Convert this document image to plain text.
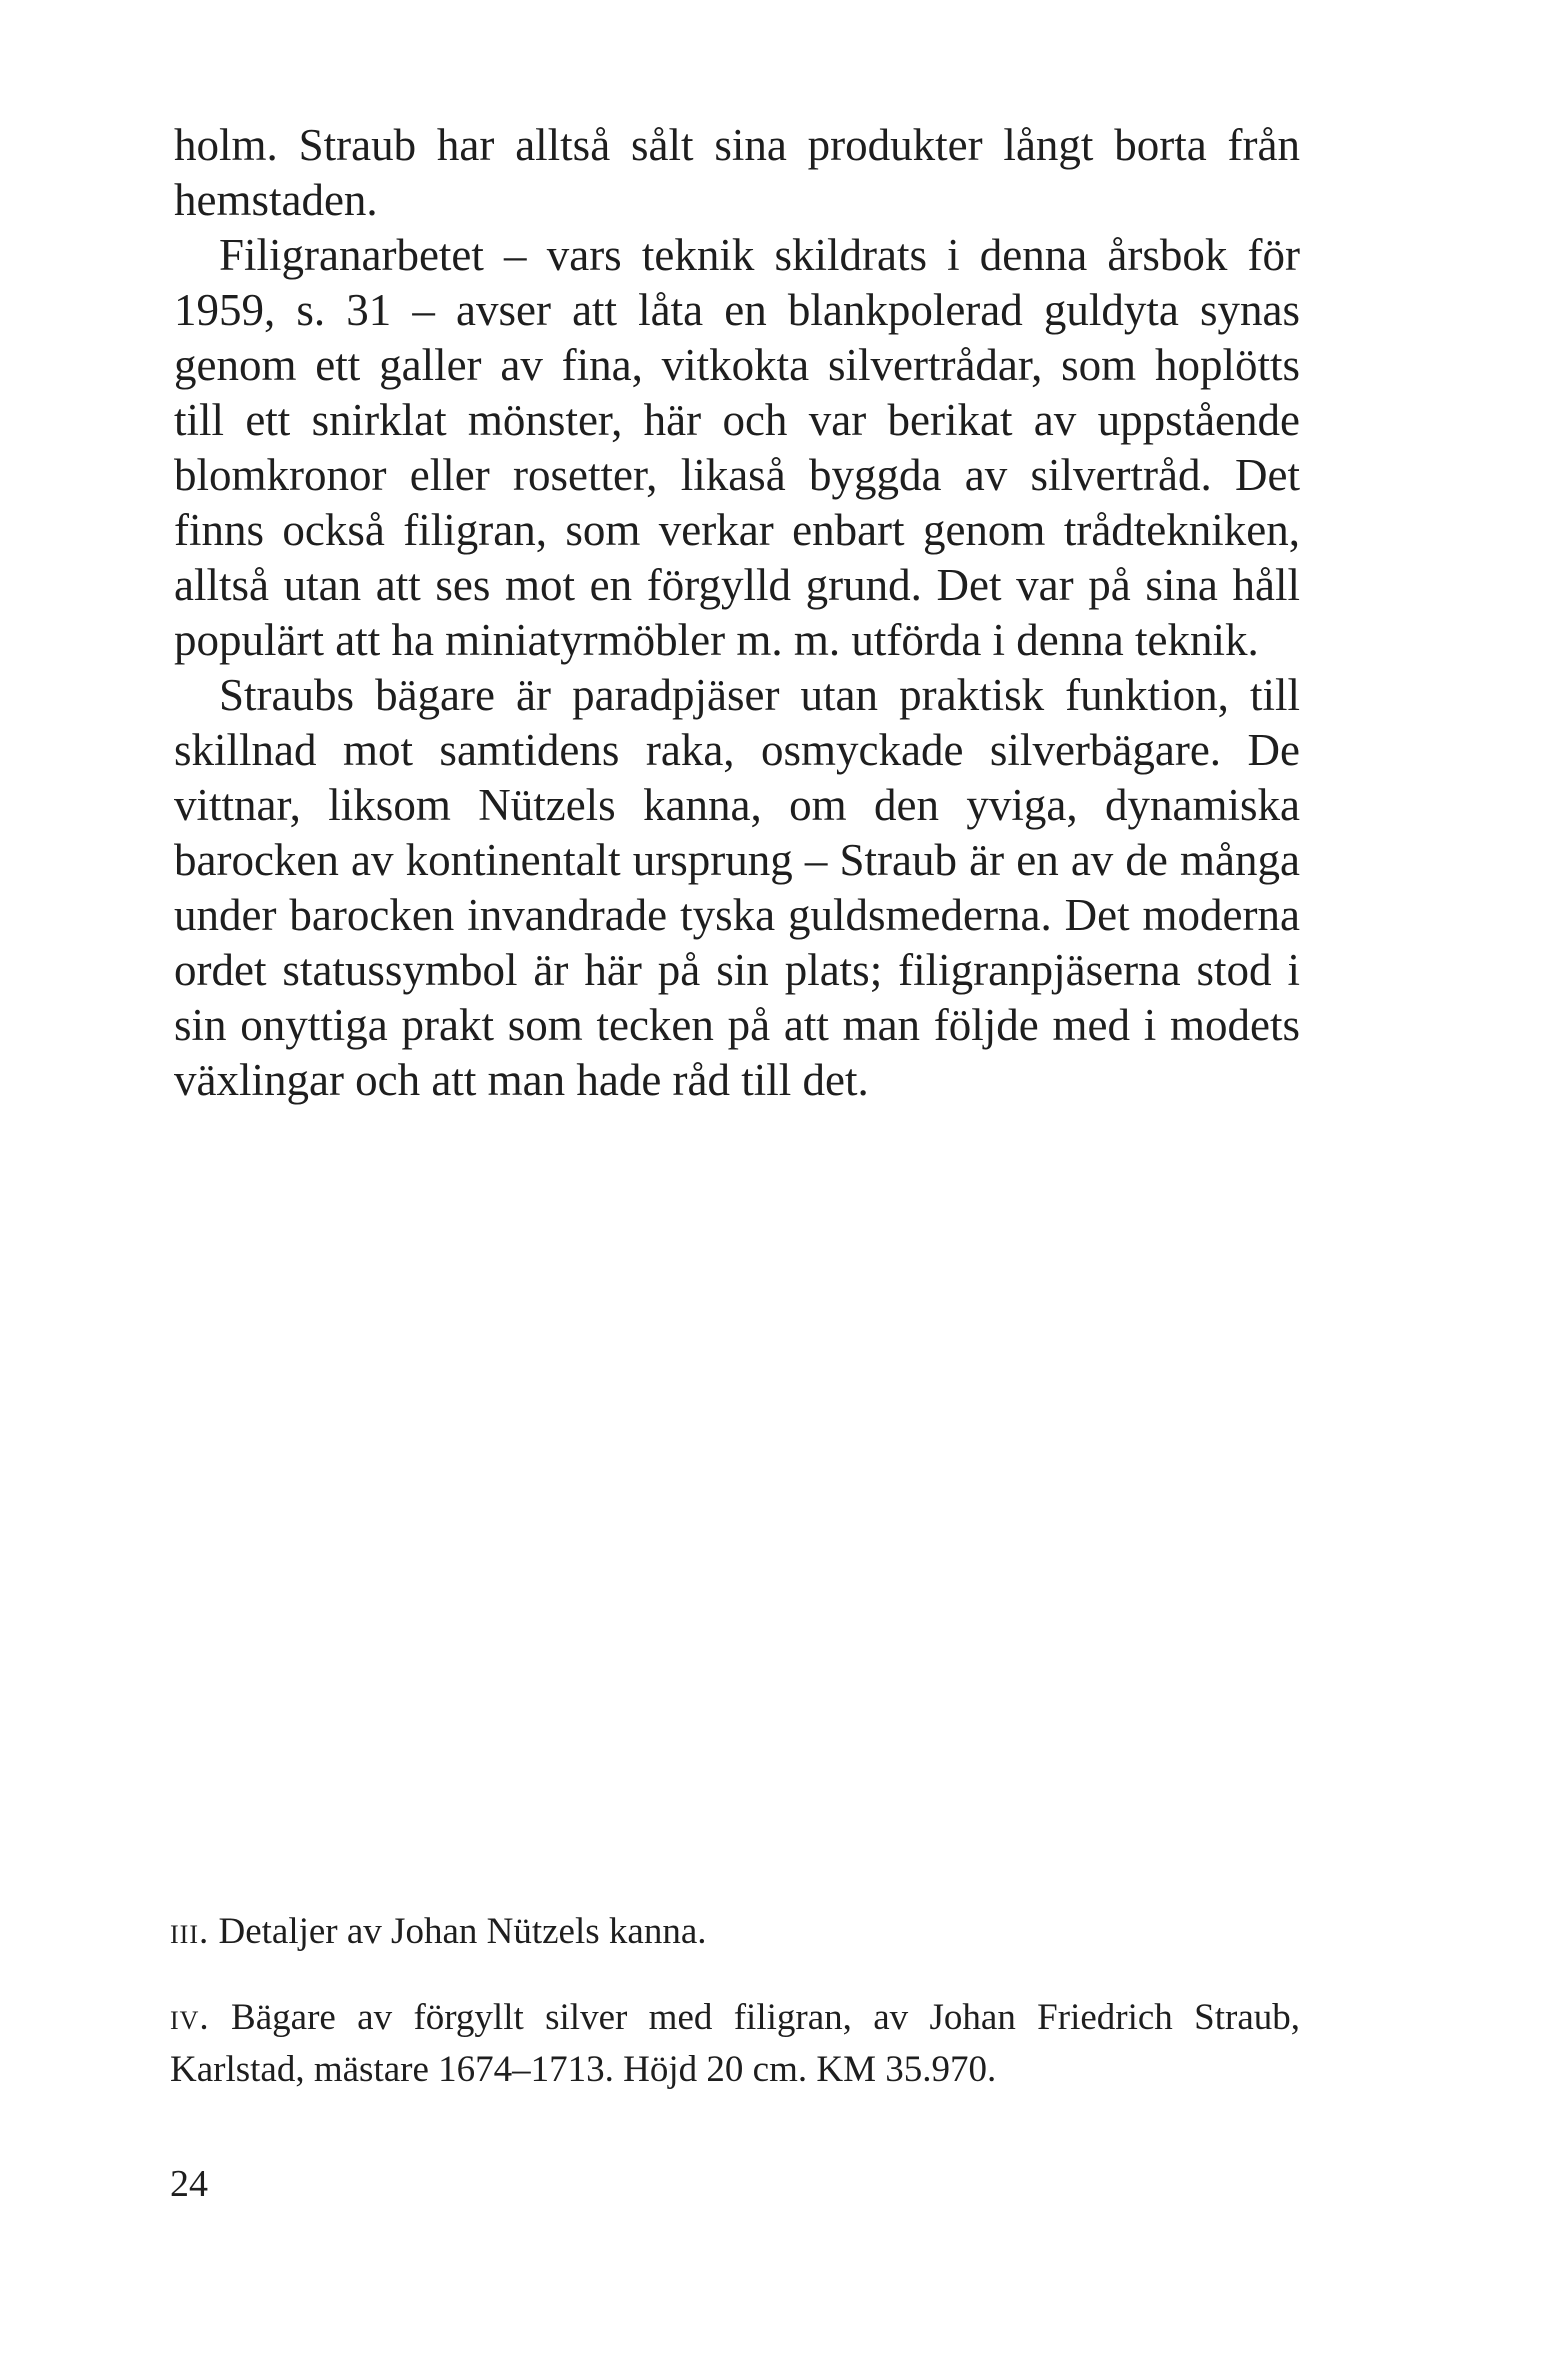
holm. Straub har alltså sålt sina produkter långt borta från hemstaden.

Filigranarbetet – vars teknik skildrats i denna årsbok för 1959, s. 31 – avser att låta en blankpolerad guldyta synas genom ett galler av fina, vitkokta silvertrådar, som hoplötts till ett snirklat mönster, här och var berikat av uppstående blomkronor eller rosetter, likaså byggda av silvertråd. Det finns också filigran, som verkar enbart genom trådtekniken, alltså utan att ses mot en förgylld grund. Det var på sina håll populärt att ha miniatyrmöbler m. m. utförda i denna teknik.

Straubs bägare är paradpjäser utan praktisk funktion, till skillnad mot samtidens raka, osmyckade silverbägare. De vittnar, liksom Nützels kanna, om den yviga, dynamiska barocken av kontinentalt ursprung – Straub är en av de många under barocken invandrade tyska guldsmederna. Det moderna ordet statussymbol är här på sin plats; filigranpjäserna stod i sin onyttiga prakt som tecken på att man följde med i modets växlingar och att man hade råd till det.

iii. Detaljer av Johan Nützels kanna.

iv. Bägare av förgyllt silver med filigran, av Johan Friedrich Straub, Karlstad, mästare 1674–1713. Höjd 20 cm. KM 35.970.

24
